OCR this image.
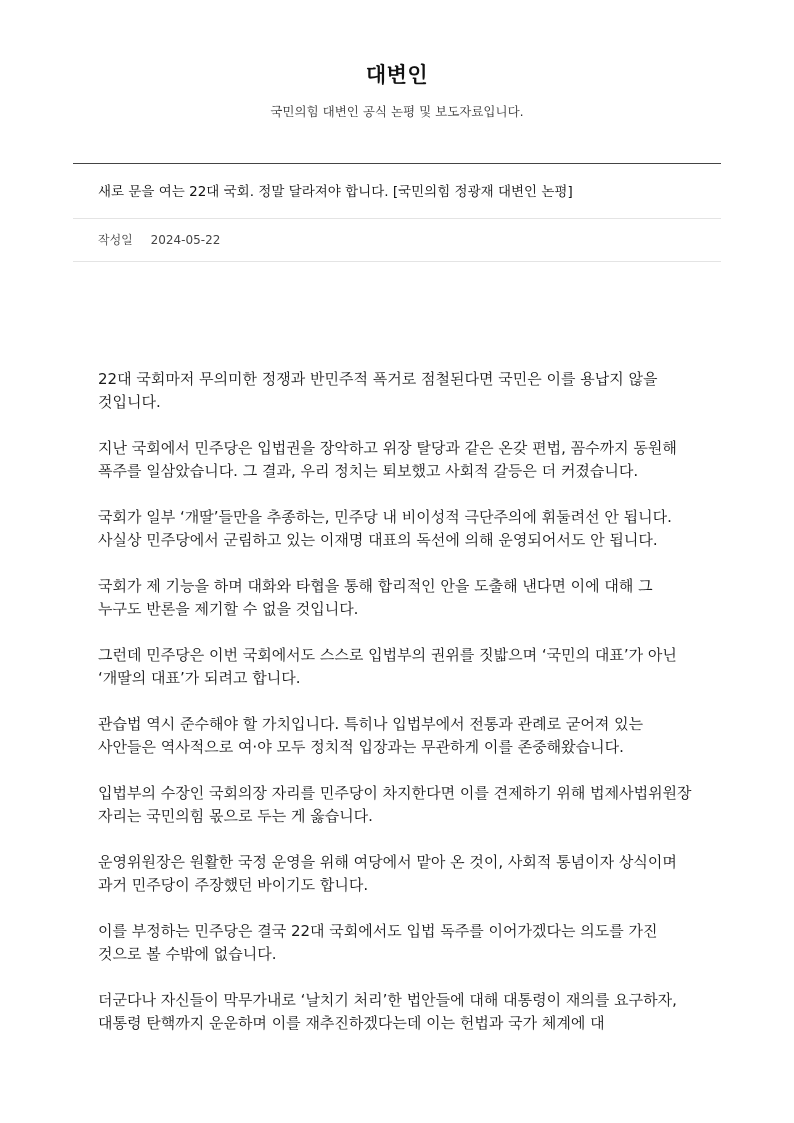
대변인

국민의힘 대변인 공식 논평 및 보도자료입니다.

새로 문을 여는 22대 국회. 정말 달라져야 합니다. [국민의힘 정광재 대변인 논평]
작성일 2024-05-22

22대 국회마저 무의미한 정쟁과 반민주적 폭거로 점철된다면 국민은 이를 용납지 않을 것입니다.

지난 국회에서 민주당은 입법권을 장악하고 위장 탈당과 같은 온갖 편법, 꼼수까지 동원해 폭주를 일삼았습니다. 그 결과, 우리 정치는 퇴보했고 사회적 갈등은 더 커졌습니다.

국회가 일부 ‘개딸’들만을 추종하는, 민주당 내 비이성적 극단주의에 휘둘려선 안 됩니다. 사실상 민주당에서 군림하고 있는 이재명 대표의 독선에 의해 운영되어서도 안 됩니다.

국회가 제 기능을 하며 대화와 타협을 통해 합리적인 안을 도출해 낸다면 이에 대해 그 누구도 반론을 제기할 수 없을 것입니다.

그런데 민주당은 이번 국회에서도 스스로 입법부의 권위를 짓밟으며 ‘국민의 대표’가 아닌 ‘개딸의 대표’가 되려고 합니다.

관습법 역시 준수해야 할 가치입니다. 특히나 입법부에서 전통과 관례로 굳어져 있는 사안들은 역사적으로 여·야 모두 정치적 입장과는 무관하게 이를 존중해왔습니다.

입법부의 수장인 국회의장 자리를 민주당이 차지한다면 이를 견제하기 위해 법제사법위원장 자리는 국민의힘 몫으로 두는 게 옳습니다.

운영위원장은 원활한 국정 운영을 위해 여당에서 맡아 온 것이, 사회적 통념이자 상식이며 과거 민주당이 주장했던 바이기도 합니다.

이를 부정하는 민주당은 결국 22대 국회에서도 입법 독주를 이어가겠다는 의도를 가진 것으로 볼 수밖에 없습니다.

더군다나 자신들이 막무가내로 ‘날치기 처리’한 법안들에 대해 대통령이 재의를 요구하자, 대통령 탄핵까지 운운하며 이를 재추진하겠다는데 이는 헌법과 국가 체계에 대
